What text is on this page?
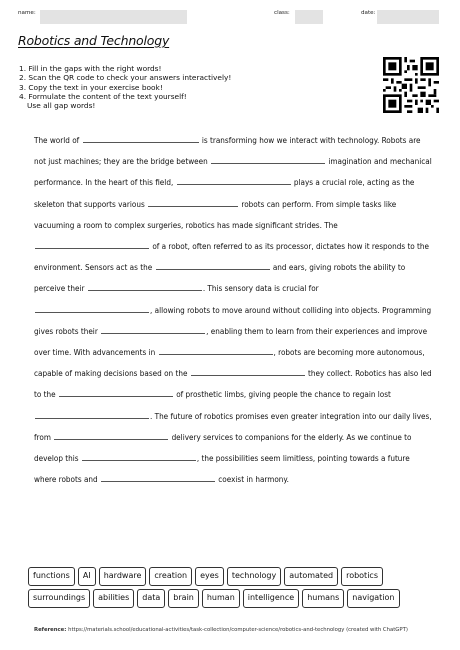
name:	class:	date:
Robotics and Technology
1. Fill in the gaps with the right words!
2. Scan the QR code to check your answers interactively!
3. Copy the text in your exercise book!
4. Formulate the content of the text yourself!
Use all gap words!
The world of	is transforming how we interact with technology. Robots are not just machines; they are the bridge between	imagination and mechanical performance. In the heart of this field,	plays a crucial role, acting as the skeleton that supports various	robots can perform. From simple tasks like vacuuming a room to complex surgeries, robotics has made significant strides. The  of a robot, often referred to as its processor, dictates how it responds to the environment. Sensors act as the	and ears, giving robots the ability to perceive their	. This sensory data is crucial for , allowing robots to move around without colliding into objects. Programming gives robots their	, enabling them to learn from their experiences and improve over time. With advancements in	, robots are becoming more autonomous, capable of making decisions based on the	they collect. Robotics has also led to the	of prosthetic limbs, giving people the chance to regain lost . The future of robotics promises even greater integration into our daily lives, from	delivery services to companions for the elderly. As we continue to develop this	, the possibilities seem limitless, pointing towards a future where robots and	coexist in harmony.
functions	AI	hardware	creation	eyes	technology	automated	robotics
surroundings	abilities	data	brain	human	intelligence	humans	navigation
Reference: https://materials.school/educational-activities/task-collection/computer-science/robotics-and-technology (created with ChatGPT)
